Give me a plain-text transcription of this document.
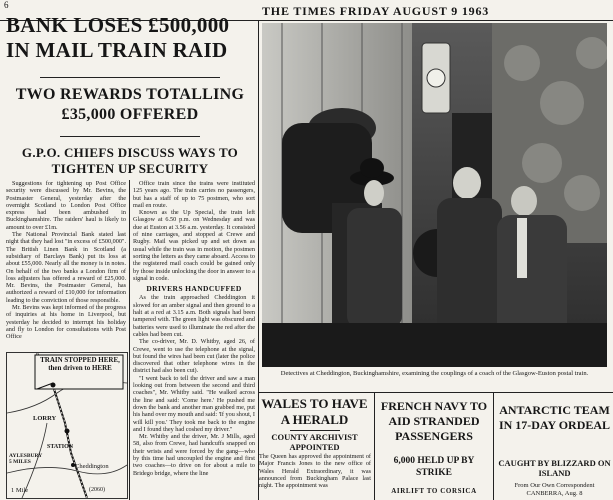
6	THE TIMES FRIDAY AUGUST 9 1963
BANK LOSES £500,000 IN MAIL TRAIN RAID
TWO REWARDS TOTALLING £35,000 OFFERED
G.P.O. CHIEFS DISCUSS WAYS TO TIGHTEN UP SECURITY

Suggestions for tightening up Post Office security were discussed by Mr. Bevins, the Postmaster General, yesterday after the overnight Scotland to London Post Office express had been ambushed in Buckinghamshire. The raiders' haul is likely to amount to over £1m.

The National Provincial Bank stated last night that they had lost "in excess of £500,000". The British Linen Bank in Scotland (a subsidiary of Barclays Bank) put its loss at about £55,000. Nearly all the money is in notes. On behalf of the two banks a London firm of loss adjusters has offered a reward of £25,000. Mr. Bevins, the Postmaster General, has authorized a reward of £10,000 for information leading to the conviction of those responsible.

Mr. Bevins was kept informed of the progress of inquiries at his home in Liverpool, but yesterday he decided to interrupt his holiday and fly to London for consultations with Post Office

Office train since the trains were instituted 125 years ago. The train carries no passengers, but has a staff of up to 75 postmen, who sort mail en route.

Known as the Up Special, the train left Glasgow at 6.50 p.m. on Wednesday and was due at Euston at 3.56 a.m. yesterday. It consisted of nine carriages, and stopped at Crewe and Rugby. Mail was picked up and set down as usual while the train was in motion, the postmen sorting the letters as they came aboard. Access to the registered mail coach could be gained only by those inside unlocking the door in answer to a signal in code.

DRIVERS HANDCUFFED

As the train approached Cheddington it slowed for an amber signal and then ground to a halt at a red at 3.15 a.m. Both signals had been tampered with. The green light was obscured and batteries were used to illuminate the red after the cables had been cut.

The co-driver, Mr. D. Whitby, aged 26, of Crewe, went to use the telephone at the signal, but found the wires had been cut (later the police discovered that other telephone wires in the district had also been cut).

"I went back to tell the driver and saw a man looking out from between the second and third coaches", Mr. Whitby said. "He walked across the line and said: 'Come here.' He pushed me down the bank and another man grabbed me, put his hand over my mouth and said: 'If you shout, I will kill you.' They took me back to the engine and I found they had coshed my driver."

Mr. Whitby and the driver, Mr. J Mills, aged 58, also from Crewe, had handcuffs snapped on their wrists and were forced by the gang—who by this time had uncoupled the engine and first two coaches—to drive on for about a mile to Bridego bridge, where the line

Detectives at Cheddington, Buckinghamshire, examining the couplings of a coach of the Glasgow-Euston postal train.
TRAIN STOPPED HERE, then driven to HERE
LORRY
STATION
AYLESBURY 5 MILES
Cheddington
1 Mile	(2060)
WALES TO HAVE A HERALD
COUNTY ARCHIVIST APPOINTED
The Queen has approved the appointment of Major Francis Jones to the new office of Wales Herald Extraordinary, it was announced from Buckingham Palace last night. The appointment was
FRENCH NAVY TO AID STRANDED PASSENGERS
6,000 HELD UP BY STRIKE
AIRLIFT TO CORSICA
ANTARCTIC TEAM IN 17-DAY ORDEAL
CAUGHT BY BLIZZARD ON ISLAND
From Our Own Correspondent CANBERRA, Aug. 8
